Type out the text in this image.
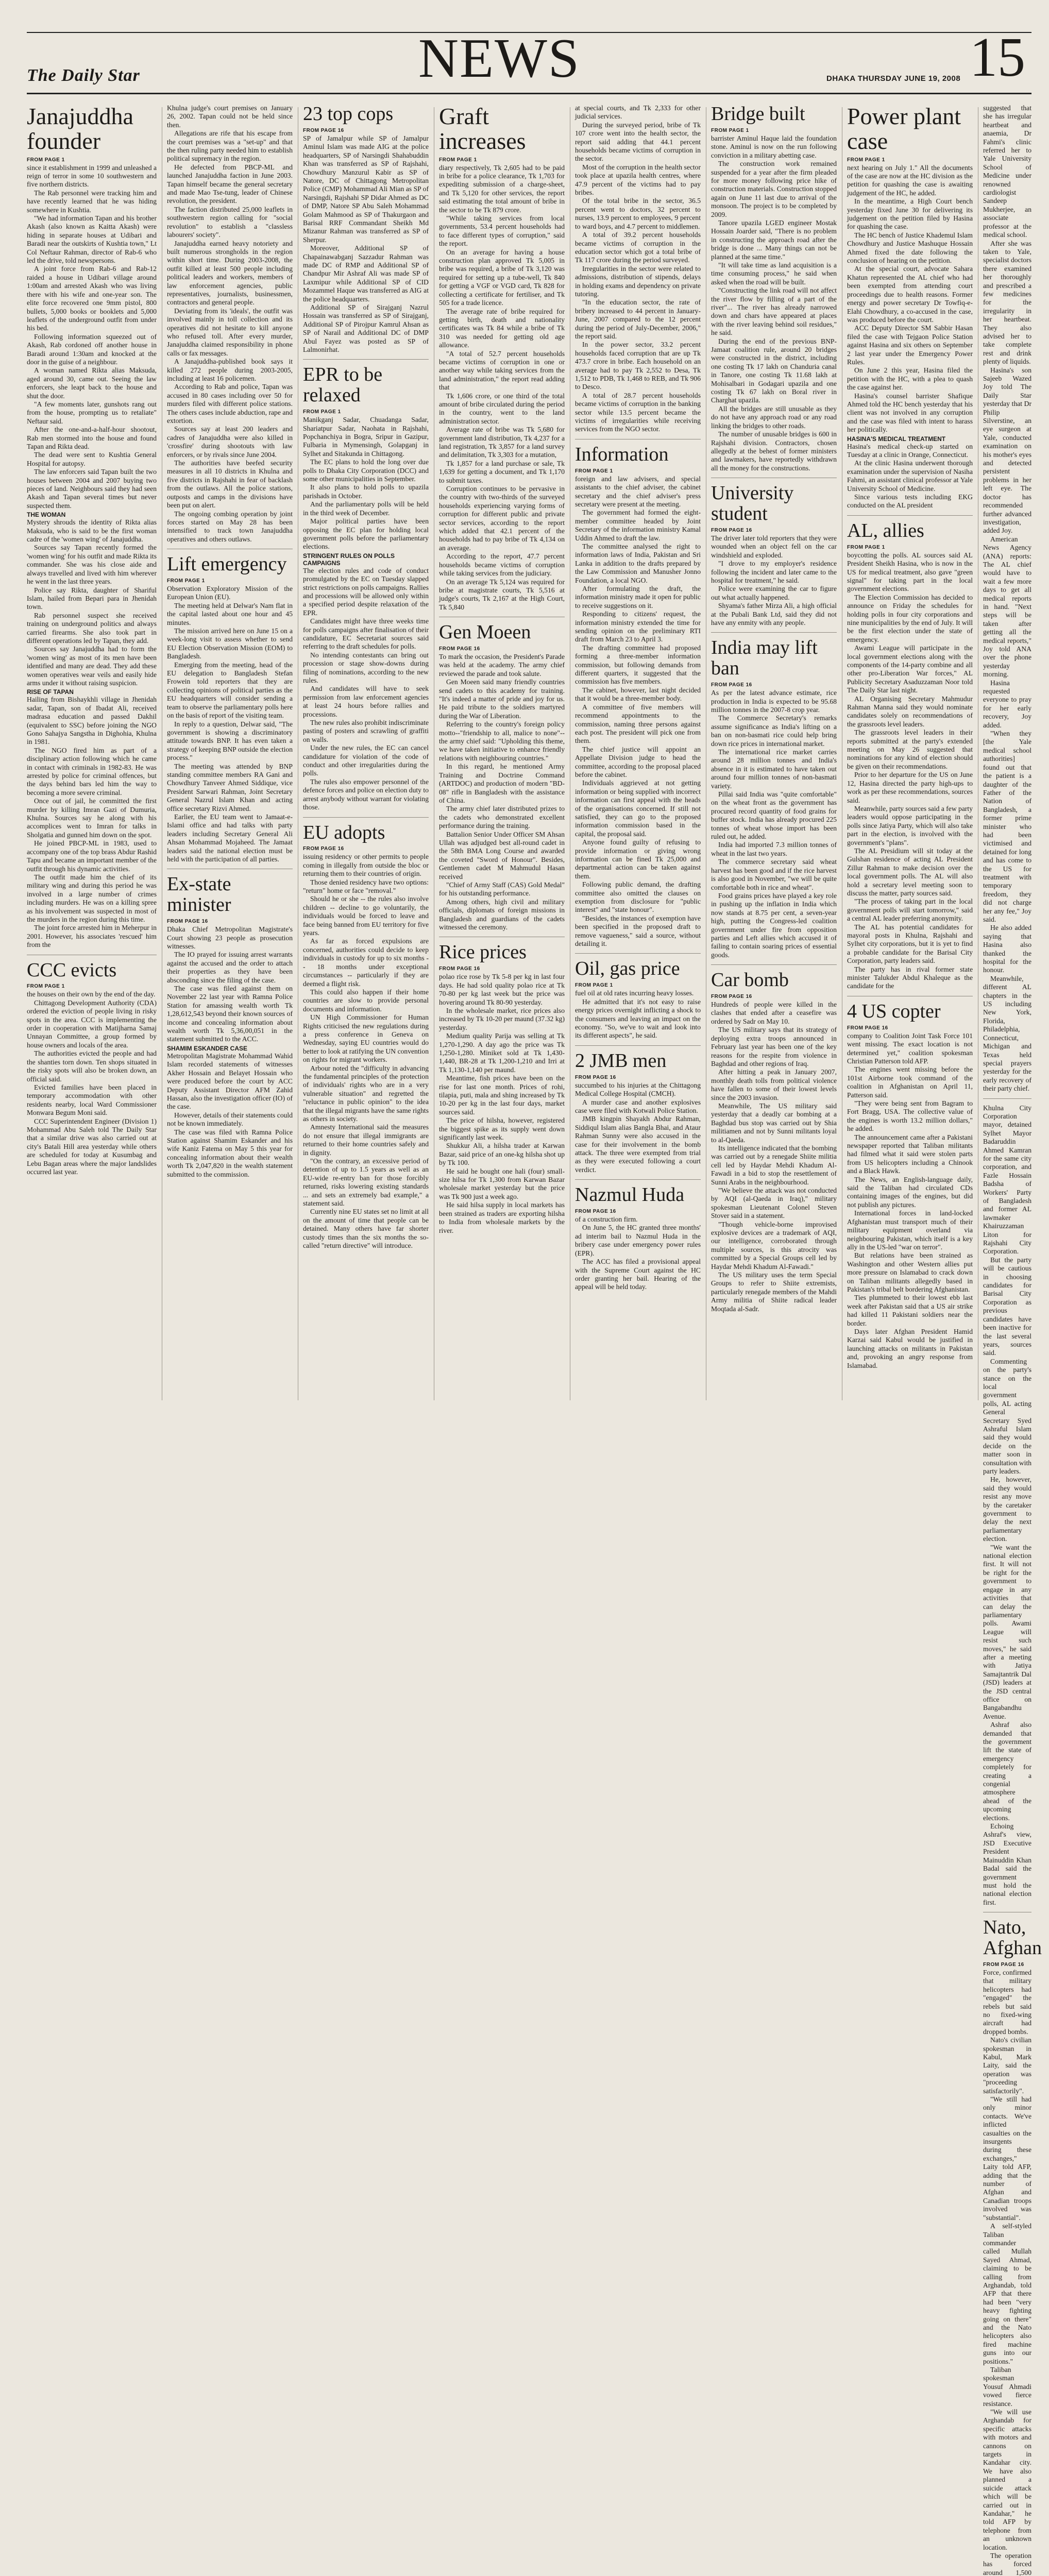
The Daily Star	NEWS	DHAKA THURSDAY JUNE 19, 2008 15
Janajuddha founder
FROM PAGE 1

since it establishment in 1999 and unleashed a reign of terror in some 10 southwestern and five northern districts.

The Rab personnel were tracking him and have recently learned that he was hiding somewhere in Kushtia.

"We had information Tapan and his brother Akash (also known as Kaitta Akash) were hiding in separate houses at Udibari and Baradi near the outskirts of Kushtia town," Lt Col Neftaur Rahman, director of Rab-6 who led the drive, told newspersons.

A joint force from Rab-6 and Rab-12 raided a house in Udibari village around 1:00am and arrested Akash who was living there with his wife and one-year son. The elite force recovered one 9mm pistol, 800 bullets, 5,000 books or booklets and 5,000 leaflets of the underground outfit from under his bed.

Following information squeezed out of Akash, Rab cordoned off another house in Baradi around 1:30am and knocked at the door in the guise of a neighbour.

A woman named Rikta alias Maksuda, aged around 30, came out. Seeing the law enforcers, she leapt back to the house and shut the door.

"A few moments later, gunshots rang out from the house, prompting us to retaliate" Neftaur said.

After the one-and-a-half-hour shootout, Rab men stormed into the house and found Tapan and Rikta dead.

The dead were sent to Kushtia General Hospital for autopsy.

The law enforcers said Tapan built the two houses between 2004 and 2007 buying two pieces of land. Neighbours said they had seen Akash and Tapan several times but never suspected them.

THE WOMAN

Mystery shrouds the identity of Rikta alias Maksuda, who is said to be the first woman cadre of the 'women wing' of Janajuddha.

Sources say Tapan recently formed the 'women wing' for his outfit and made Rikta its commander. She was his close aide and always travelled and lived with him wherever he went in the last three years.

Police say Rikta, daughter of Shariful Islam, hailed from Bepari para in Jhenidah town.

Rab personnel suspect she received training on underground politics and always carried firearms. She also took part in different operations led by Tapan, they add.

Sources say Janajuddha had to form the 'women wing' as most of its men have been identified and many are dead. They add these women operatives wear veils and easily hide arms under it without raising suspicion.

RISE OF TAPAN

Hailing from Bishaykhli village in Jhenidah sadar, Tapan, son of Ibadat Ali, received madrasa education and passed Dakhil (equivalent to SSC) before joining the NGO Gono Sahajya Sangstha in Dighohia, Khulna in 1981.

The NGO fired him as part of a disciplinary action following which he came in contact with criminals in 1982-83. He was arrested by police for criminal offences, but the days behind bars led him the way to becoming a more severe criminal.

Once out of jail, he committed the first murder by killing Imran Gazi of Dumuria, Khulna. Sources say he along with his accomplices went to Imran for talks in Sholgatia and gunned him down on the spot.

He joined PBCP-ML in 1983, used to accompany one of the top brass Abdur Rashid Tapu and became an important member of the outfit through his dynamic activities.

The outfit made him the chief of its military wing and during this period he was involved in a large number of crimes including murders. He was on a killing spree as his involvement was suspected in most of the murders in the region during this time.

The joint force arrested him in Meherpur in 2001. However, his associates 'rescued' him from the

CCC evicts
FROM PAGE 1

the houses on their own by the end of the day.

Chittagong Development Authority (CDA) ordered the eviction of people living in risky spots in the area. CCC is implementing the order in cooperation with Matijharna Samaj Unnayan Committee, a group formed by house owners and locals of the area.

The authorities evicted the people and had the shanties torn down. Ten shops situated in the risky spots will also be broken down, an official said.

Evicted families have been placed in temporary accommodation with other residents nearby, local Ward Commissioner Monwara Begum Moni said.

CCC Superintendent Engineer (Division 1) Mohammad Abu Saleh told The Daily Star that a similar drive was also carried out at city's Batali Hill area yesterday while others are scheduled for today at Kusumbag and Lebu Bagan areas where the major landslides occurred last year.

Khulna judge's court premises on January 26, 2002. Tapan could not be held since then.

Allegations are rife that his escape from the court premises was a "set-up" and that the then ruling party needed him to establish political supremacy in the region.

He defected from PBCP-ML and launched Janajuddha faction in June 2003. Tapan himself became the general secretary and made Mao Tse-tung, leader of Chinese revolution, the president.

The faction distributed 25,000 leaflets in southwestern region calling for "social revolution" to establish a "classless labourers' society".

Janajuddha earned heavy notoriety and built numerous strongholds in the region within short time. During 2003-2008, the outfit killed at least 500 people including political leaders and workers, members of law enforcement agencies, public representatives, journalists, businessmen, contractors and general people.

Deviating from its 'ideals', the outfit was involved mainly in toll collection and its operatives did not hesitate to kill anyone who refused toll. After every murder, Janajuddha claimed responsibility in phone calls or fax messages.

A Janajuddha-published book says it killed 272 people during 2003-2005, including at least 16 policemen.

According to Rab and police, Tapan was accused in 80 cases including over 50 for murders filed with different police stations. The others cases include abduction, rape and extortion.

Sources say at least 200 leaders and cadres of Janajuddha were also killed in 'crossfire' during shootouts with law enforcers, or by rivals since June 2004.

The authorities have beefed security measures in all 10 districts in Khulna and five districts in Rajshahi in fear of backlash from the outlaws. All the police stations, outposts and camps in the divisions have been put on alert.

The ongoing combing operation by joint forces started on May 28 has been intensified to track town Janajuddha operatives and others outlaws.

Lift emergency
FROM PAGE 1

Observation Exploratory Mission of the European Union (EU).

The meeting held at Delwar's Nam flat in the capital lasted about one hour and 45 minutes.

The mission arrived here on June 15 on a week-long visit to assess whether to send EU Election Observation Mission (EOM) to Bangladesh.

Emerging from the meeting, head of the EU delegation to Bangladesh Stefan Frowein told reporters that they are collecting opinions of political parties as the EU headquarters will consider sending a team to observe the parliamentary polls here on the basis of report of the visiting team.

In reply to a question, Delwar said, "The government is showing a discriminatory attitude towards BNP. It has even taken a strategy of keeping BNP outside the election process."

The meeting was attended by BNP standing committee members RA Gani and Chowdhury Tanveer Ahmed Siddique, vice President Sarwari Rahman, Joint Secretary General Nazrul Islam Khan and acting office secretary Rizvi Ahmed.

Earlier, the EU team went to Jamaat-e-Islami office and had talks with party leaders including Secretary General Ali Ahsan Mohammad Mojaheed. The Jamaat leaders said the national election must be held with the participation of all parties.

Ex-state minister
FROM PAGE 16

Dhaka Chief Metropolitan Magistrate's Court showing 23 people as prosecution witnesses.

The IO prayed for issuing arrest warrants against the accused and the order to attach their properties as they have been absconding since the filing of the case.

The case was filed against them on November 22 last year with Ramna Police Station for amassing wealth worth Tk 1,28,612,543 beyond their known sources of income and concealing information about wealth worth Tk 5,36,00,051 in the statement submitted to the ACC.

SHAMIM ESKANDER CASE

Metropolitan Magistrate Mohammad Wahid Islam recorded statements of witnesses Akher Hossain and Belayet Hossain who were produced before the court by ACC Deputy Assistant Director AFM Zahid Hassan, also the investigation officer (IO) of the case.

However, details of their statements could not be known immediately.

The case was filed with Ramna Police Station against Shamim Eskander and his wife Kaniz Fatema on May 5 this year for concealing information about their wealth worth Tk 2,047,820 in the wealth statement submitted to the commission.

23 top cops
FROM PAGE 16

SP of Jamalpur while SP of Jamalpur Aminul Islam was made AIG at the police headquarters, SP of Narsingdi Shahabuddin Khan was transferred as SP of Rajshahi, Chowdhury Manzurul Kabir as SP of Natore, DC of Chittagong Metropolitan Police (CMP) Mohammad Ali Mian as SP of Narsingdi, Rajshahi SP Didar Ahmed as DC of DMP, Natore SP Abu Saleh Mohammad Golam Mahmood as SP of Thakurgaon and Barisal RRF Commandant Sheikh Md Mizanur Rahman was transferred as SP of Sherpur.

Moreover, Additional SP of Chapainawabganj Sazzadur Rahman was made DC of RMP and Additional SP of Chandpur Mir Ashraf Ali was made SP of Laxmipur while Additional SP of CID Mozammel Haque was transferred as AIG at the police headquarters.

Additional SP of Sirajganj Nazrul Hossain was transferred as SP of Sirajganj, Additional SP of Pirojpur Kamrul Ahsan as SP of Narail and Additional DC of DMP Abul Fayez was posted as SP of Lalmonirhat.

EPR to be relaxed
FROM PAGE 1

Manikganj Sadar, Chuadanga Sadar, Shariatpur Sadar, Naohata in Rajshahi, Popchanchiya in Bogra, Sripur in Gazipur, Fulbaria in Mymensingh, Golapganj in Sylhet and Sitakunda in Chittagong.

The EC plans to hold the long over due polls to Dhaka City Corporation (DCC) and some other municipalities in September.

It also plans to hold polls to upazila parishads in October.

And the parliamentary polls will be held in the third week of December.

Major political parties have been opposing the EC plan for holding local government polls before the parliamentary elections.

STRINGENT RULES ON POLLS CAMPAIGNS

The election rules and code of conduct promulgated by the EC on Tuesday slapped strict restrictions on polls campaigns. Rallies and processions will be allowed only within a specified period despite relaxation of the EPR.

Candidates might have three weeks time for polls campaigns after finalisation of their candidature, EC Secretariat sources said referring to the draft schedules for polls.

No intending contestants can bring out procession or stage show-downs during filing of nominations, according to the new rules.

And candidates will have to seek permission from law enforcement agencies at least 24 hours before rallies and processions.

The new rules also prohibit indiscriminate pasting of posters and scrawling of graffiti on walls.

Under the new rules, the EC can cancel candidature for violation of the code of conduct and other irregularities during the polls.

The rules also empower personnel of the defence forces and police on election duty to arrest anybody without warrant for violating those.

EU adopts
FROM PAGE 16

issuing residency or other permits to people coming in illegally from outside the bloc or returning them to their countries of origin.

Those denied residency have two options: "return" home or face "removal."

Should he or she -- the rules also involve children -- decline to go voluntarily, the individuals would be forced to leave and face being banned from EU territory for five years.

As far as forced expulsions are concerned, authorities could decide to keep individuals in custody for up to six months -- 18 months under exceptional circumstances -- particularly if they are deemed a flight risk.

This could also happen if their home countries are slow to provide personal documents and information.

UN High Commissioner for Human Rights criticised the new regulations during a press conference in Geneva on Wednesday, saying EU countries would do better to look at ratifying the UN convention on rights for migrant workers.

Arbour noted the "difficulty in advancing the fundamental principles of the protection of individuals' rights who are in a very vulnerable situation" and regretted the "reluctance in public opinion" to the idea that the illegal migrants have the same rights as others in society.

Amnesty International said the measures do not ensure that illegal immigrants are returned to their home countries safely and in dignity.

"On the contrary, an excessive period of detention of up to 1.5 years as well as an EU-wide re-entry ban for those forcibly returned, risks lowering existing standards ... and sets an extremely bad example," a statement said.

Currently nine EU states set no limit at all on the amount of time that people can be detained. Many others have far shorter custody times than the six months the so-called "return directive" will introduce.

Graft increases
FROM PAGE 1

diary respectively, Tk 2,605 had to be paid in bribe for a police clearance, Tk 1,703 for expediting submission of a charge-sheet, and Tk 5,120 for other services, the report said estimating the total amount of bribe in the sector to be Tk 879 crore.

"While taking services from local governments, 53.4 percent households had to face different types of corruption," said the report.

On an average for having a house construction plan approved Tk 5,005 in bribe was required, a bribe of Tk 3,120 was required for setting up a tube-well, Tk 840 for getting a VGF or VGD card, Tk 828 for collecting a certificate for fertiliser, and Tk 505 for a trade licence.

The average rate of bribe required for getting birth, death and nationality certificates was Tk 84 while a bribe of Tk 310 was needed for getting old age allowance.

"A total of 52.7 percent households became victims of corruption in one or another way while taking services from the land administration," the report read adding that

Tk 1,606 crore, or one third of the total amount of bribe circulated during the period in the country, went to the land administration sector.

Average rate of bribe was Tk 5,680 for government land distribution, Tk 4,237 for a land registration, Tk 3,857 for a land survey and delimitation, Tk 3,303 for a mutation,

Tk 1,857 for a land purchase or sale, Tk 1,639 for getting a document, and Tk 1,170 to submit taxes.

Corruption continues to be pervasive in the country with two-thirds of the surveyed households experiencing varying forms of corruption for different public and private sector services, according to the report which added that 42.1 percent of the households had to pay bribe of Tk 4,134 on an average.

According to the report, 47.7 percent households became victims of corruption while taking services from the judiciary.

On an average Tk 5,124 was required for bribe at magistrate courts, Tk 5,516 at judge's courts, Tk 2,167 at the High Court, Tk 5,840

Gen Moeen
FROM PAGE 16

To mark the occasion, the President's Parade was held at the academy. The army chief reviewed the parade and took salute.

Gen Moeen said many friendly countries send cadets to this academy for training. "It's indeed a matter of pride and joy for us. He paid tribute to the soldiers martyred during the War of Liberation.

Referring to the country's foreign policy motto--"friendship to all, malice to none"--the army chief said: "Upholding this theme, we have taken initiative to enhance friendly relations with neighbouring countries."

In this regard, he mentioned Army Training and Doctrine Command (ARTDOC) and production of modern "BD-08" rifle in Bangladesh with the assistance of China.

The army chief later distributed prizes to the cadets who demonstrated excellent performance during the training.

Battalion Senior Under Officer SM Ahsan Ullah was adjudged best all-round cadet in the 58th BMA Long Course and awarded the coveted "Sword of Honour". Besides, Gentlemen cadet M Mahmudul Hasan received

"Chief of Army Staff (CAS) Gold Medal" for his outstanding performance.

Among others, high civil and military officials, diplomats of foreign missions in Bangladesh and guardians of the cadets witnessed the ceremony.

Rice prices
FROM PAGE 16

polao rice rose by Tk 5-8 per kg in last four days. He had sold quality polao rice at Tk 70-80 per kg last week but the price was hovering around Tk 80-90 yesterday.

In the wholesale market, rice prices also increased by Tk 10-20 per maund (37.32 kg) yesterday.

Medium quality Parija was selling at Tk 1,270-1,290. A day ago the price was Tk 1,250-1,280. Miniket sold at Tk 1,430-1,440, BR-28 at Tk 1,200-1,210 and Irri at Tk 1,130-1,140 per maund.

Meantime, fish prices have been on the rise for last one month. Prices of rohi, tilapia, puti, mala and shing increased by Tk 10-20 per kg in the last four days, market sources said.

The price of hilsha, however, registered the biggest spike as its supply went down significantly last week.

Shukkur Ali, a hilsha trader at Karwan Bazar, said price of an one-kg hilsha shot up by Tk 100.

He said he bought one hali (four) small-size hilsa for Tk 1,300 from Karwan Bazar wholesale market yesterday but the price was Tk 900 just a week ago.

He said hilsa supply in local markets has been strained as traders are exporting hilsha to India from wholesale markets by the river.

at special courts, and Tk 2,333 for other judicial services.

During the surveyed period, bribe of Tk 107 crore went into the health sector, the report said adding that 44.1 percent households became victims of corruption in the sector.

Most of the corruption in the health sector took place at upazila health centres, where 47.9 percent of the victims had to pay bribes.

Of the total bribe in the sector, 36.5 percent went to doctors, 32 percent to nurses, 13.9 percent to employees, 9 percent to ward boys, and 4.7 percent to middlemen.

A total of 39.2 percent households became victims of corruption in the education sector which got a total bribe of Tk 117 crore during the period surveyed.

Irregularities in the sector were related to admissions, distribution of stipends, delays in holding exams and dependency on private tutoring.

"In the education sector, the rate of bribery increased to 44 percent in January-June, 2007 compared to the 12 percent during the period of July-December, 2006," the report said.

In the power sector, 33.2 percent households faced corruption that are up Tk 473.7 crore in bribe. Each household on an average had to pay Tk 2,552 to Desa, Tk 1,512 to PDB, Tk 1,468 to REB, and Tk 906 to Desco.

A total of 28.7 percent households became victims of corruption in the banking sector while 13.5 percent became the victims of irregularities while receiving services from the NGO sector.

Information
FROM PAGE 1

foreign and law advisers, and special assistants to the chief adviser, the cabinet secretary and the chief adviser's press secretary were present at the meeting.

The government had formed the eight-member committee headed by Joint Secretary of the information ministry Kamal Uddin Ahmed to draft the law.

The committee analysed the right to information laws of India, Pakistan and Sri Lanka in addition to the drafts prepared by the Law Commission and Manusher Jonno Foundation, a local NGO.

After formulating the draft, the information ministry made it open for public to receive suggestions on it.

Responding to citizens' request, the information ministry extended the time for sending opinion on the preliminary RTI draft from March 23 to April 3.

The drafting committee had proposed forming a three-member information commission, but following demands from different quarters, it suggested that the commission has five members.

The cabinet, however, last night decided that it would be a three-member body.

A committee of five members will recommend appointments to the commission, naming three persons against each post. The president will pick one from them.

The chief justice will appoint an Appellate Division judge to head the committee, according to the proposal placed before the cabinet.

Individuals aggrieved at not getting information or being supplied with incorrect information can first appeal with the heads of the organisations concerned. If still not satisfied, they can go to the proposed information commission based in the capital, the proposal said.

Anyone found guilty of refusing to provide information or giving wrong information can be fined Tk 25,000 and departmental action can be taken against them.

Following public demand, the drafting committee also omitted the clauses on exemption from disclosure for "public interest" and "state honour".

"Besides, the instances of exemption have been specified in the proposed draft to remove vagueness," said a source, without detailing it.

Oil, gas price
FROM PAGE 1

fuel oil at old rates incurring heavy losses.

He admitted that it's not easy to raise energy prices overnight inflicting a shock to the consumers and leaving an impact on the economy. "So, we've to wait and look into its different aspects", he said.

2 JMB men
FROM PAGE 16

succumbed to his injuries at the Chittagong Medical College Hospital (CMCH).

A murder case and another explosives case were filed with Kotwali Police Station.

JMB kingpin Shayakh Abdur Rahman, Siddiqul Islam alias Bangla Bhai, and Ataur Rahman Sunny were also accused in the case for their involvement in the bomb attack. The three were exempted from trial as they were executed following a court verdict.

Nazmul Huda
FROM PAGE 16

of a construction firm.

On June 5, the HC granted three months' ad interim bail to Nazmul Huda in the bribery case under emergency power rules (EPR).

The ACC has filed a provisional appeal with the Supreme Court against the HC order granting her bail. Hearing of the appeal will be held today.

Bridge built
FROM PAGE 1

barrister Aminul Haque laid the foundation stone. Aminul is now on the run following conviction in a military abetting case.

The construction work remained suspended for a year after the firm pleaded for more money following price hike of construction materials. Construction stopped again on June 11 last due to arrival of the monsoon. The project is to be completed by 2009.

Tanore upazila LGED engineer Mostak Hossain Joarder said, "There is no problem in constructing the approach road after the bridge is done ... Many things can not be planned at the same time."

"It will take time as land acquisition is a time consuming process," he said when asked when the road will be built.

"Constructing the link road will not affect the river flow by filling of a part of the river"... The river has already narrowed down and chars have appeared at places with the river leaving behind soil residues," he said.

During the end of the previous BNP-Jamaat coalition rule, around 20 bridges were constructed in the district, including one costing Tk 17 lakh on Chanduria canal in Tanore, one costing Tk 11.68 lakh at Mohisalbari in Godagari upazila and one costing Tk 67 lakh on Boral river in Charghat upazila.

All the bridges are still unusable as they do not have any approach road or any road linking the bridges to other roads.

The number of unusable bridges is 600 in Rajshahi division. Contractors, chosen allegedly at the behest of former ministers and lawmakers, have reportedly withdrawn all the money for the constructions.

University student
FROM PAGE 16

The driver later told reporters that they were wounded when an object fell on the car windshield and exploded.

"I drove to my employer's residence following the incident and later came to the hospital for treatment," he said.

Police were examining the car to figure out what actually happened.

Shyama's father Mirza Ali, a high official at the Pubali Bank Ltd, said they did not have any enmity with any people.

India may lift ban
FROM PAGE 16

As per the latest advance estimate, rice production in India is expected to be 95.68 million tonnes in the 2007-8 crop year.

The Commerce Secretary's remarks assume significance as India's lifting on a ban on non-basmati rice could help bring down rice prices in international market.

The international rice market carries around 28 million tonnes and India's absence in it is estimated to have taken out around four million tonnes of non-basmati variety.

Pillai said India was "quite comfortable" on the wheat front as the government has procured record quantity of food grains for buffer stock. India has already procured 225 tonnes of wheat whose import has been ruled out, he added.

India had imported 7.3 million tonnes of wheat in the last two years.

The commerce secretary said wheat harvest has been good and if the rice harvest is also good in November, "we will be quite comfortable both in rice and wheat".

Food grains prices have played a key role in pushing up the inflation in India which now stands at 8.75 per cent, a seven-year high, putting the Congress-led coalition government under fire from opposition parties and Left allies which accused it of failing to contain soaring prices of essential goods.

Car bomb
FROM PAGE 16

Hundreds of people were killed in the clashes that ended after a ceasefire was ordered by Sadr on May 10.

The US military says that its strategy of deploying extra troops announced in February last year has been one of the key reasons for the respite from violence in Baghdad and other regions of Iraq.

After hitting a peak in January 2007, monthly death tolls from political violence have fallen to some of their lowest levels since the 2003 invasion.

Meanwhile, The US military said yesterday that a deadly car bombing at a Baghdad bus stop was carried out by Shia militiamen and not by Sunni militants loyal to al-Qaeda.

Its intelligence indicated that the bombing was carried out by a renegade Shiite militia cell led by Haydar Mehdi Khadum Al-Fawadi in a bid to stop the resettlement of Sunni Arabs in the neighbourhood.

"We believe the attack was not conducted by AQI (al-Qaeda in Iraq)," military spokesman Lieutenant Colonel Steven Stover said in a statement.

"Though vehicle-borne improvised explosive devices are a trademark of AQI, our intelligence, corroborated through multiple sources, is this atrocity was committed by a Special Groups cell led by Haydar Mehdi Khadum Al-Fawadi."

The US military uses the term Special Groups to refer to Shiite extremists, particularly renegade members of the Mahdi Army militia of Shiite radical leader Moqtada al-Sadr.

Power plant case
FROM PAGE 1

next hearing on July 1." All the documents of the case are now at the HC division as the petition for quashing the case is awaiting judgement of the HC, he added.

In the meantime, a High Court bench yesterday fixed June 30 for delivering its judgement on the petition filed by Hasina for quashing the case.

The HC bench of Justice Khademul Islam Chowdhury and Justice Mashuque Hossain Ahmed fixed the date following the conclusion of hearing on the petition.

At the special court, advocate Sahara Khatun represented the AL chief who had been exempted from attending court proceedings due to health reasons. Former energy and power secretary Dr Towfiq-e-Elahi Chowdhury, a co-accused in the case, was produced before the court.

ACC Deputy Director SM Sabbir Hasan filed the case with Tejgaon Police Station against Hasina and six others on September 2 last year under the Emergency Power Rules.

On June 2 this year, Hasina filed the petition with the HC, with a plea to quash the case against her.

Hasina's counsel barrister Shafique Ahmed told the HC bench yesterday that his client was not involved in any corruption and the case was filed with intent to harass her politically.

HASINA'S MEDICAL TREATMENT

Hasina's medical check-up started on Tuesday at a clinic in Orange, Connecticut.

At the clinic Hasina underwent thorough examination under the supervision of Nasiha Fahmi, an assistant clinical professor at Yale University School of Medicine.

Since various tests including EKG conducted on the AL president

AL, allies
FROM PAGE 1

boycotting the polls. AL sources said AL President Sheikh Hasina, who is now in the US for medical treatment, also gave "green signal" for taking part in the local government elections.

The Election Commission has decided to announce on Friday the schedules for holding polls in four city corporations and nine municipalities by the end of July. It will be the first election under the state of emergency.

Awami League will participate in the local government elections along with the components of the 14-party combine and all other pro-Liberation War forces," AL Publicity Secretary Asaduzzaman Noor told The Daily Star last night.

AL Organising Secretary Mahmudur Rahman Manna said they would nominate candidates solely on recommendations of the grassroots level leaders.

The grassroots level leaders in their reports submitted at the party's extended meeting on May 26 suggested that nominations for any kind of election should be given on their recommendations.

Prior to her departure for the US on June 12, Hasina directed the party high-ups to work as per these recommendations, sources said.

Meanwhile, party sources said a few party leaders would oppose participating in the polls since Jatiya Party, which will also take part in the election, is involved with the government's "plans".

The AL Presidium will sit today at the Gulshan residence of acting AL President Zillur Rahman to make decision over the local government polls. The AL will also hold a secretary level meeting soon to discuss the matter, party sources said.

"The process of taking part in the local government polls will start tomorrow," said a central AL leader preferring anonymity.

The AL has potential candidates for mayoral posts in Khulna, Rajshahi and Sylhet city corporations, but it is yet to find a probable candidate for the Barisal City Corporation, party leaders said.

The party has in rival former state minister Talukder Abdul Khaleque as the candidate for the

4 US copter
FROM PAGE 16

company to Coalition Joint Task Force 101 went missing. The exact location is not determined yet," coalition spokesman Christian Patterson told AFP.

The engines went missing before the 101st Airborne took command of the coalition in Afghanistan on April 11, Patterson said.

"They were being sent from Bagram to Fort Bragg, USA. The collective value of the engines is worth 13.2 million dollars," he added.

The announcement came after a Pakistani newspaper reported that Taliban militants had filmed what it said were stolen parts from US helicopters including a Chinook and a Black Hawk.

The News, an English-language daily, said the Taliban had circulated CDs containing images of the engines, but did not publish any pictures.

International forces in land-locked Afghanistan must transport much of their military equipment overland via neighbouring Pakistan, which itself is a key ally in the US-led "war on terror".

But relations have been strained as Washington and other Western allies put more pressure on Islamabad to crack down on Taliban militants allegedly based in Pakistan's tribal belt bordering Afghanistan.

Ties plummeted to their lowest ebb last week after Pakistan said that a US air strike had killed 11 Pakistani soldiers near the border.

Days later Afghan President Hamid Karzai said Kabul would be justified in launching attacks on militants in Pakistan and, provoking an angry response from Islamabad.

suggested that she has irregular heartbeat and anaemia, Dr Fahmi's clinic referred her to Yale University School of Medicine under renowned cardiologist Sandeep Mukherjee, an associate professor at the medical school.

After she was taken to Yale, specialist doctors there examined her thoroughly and prescribed a few medicines for the irregularity in her heartbeat. They also advised her to take complete rest and drink plenty of liquids.

Hasina's son Sajeeb Wazed Joy told The Daily Star yesterday that Dr Philip Silverstine, an eye surgeon at Yale, conducted examination on his mother's eyes and detected persistent problems in her left eye. The doctor has recommended further advanced investigation, added Joy.

American News Agency (ANA) reports: The AL chief would have to wait a few more days to get all medical reports in hand. "Next steps will be taken after getting all the medical reports," Joy told ANA over the phone yesterday morning.

Hasina requested everyone to pray for her early recovery, Joy added.

"When they [the Yale medical school authorities] found out that the patient is a daughter of the Father of the Nation of Bangladesh, a former prime minister who had been victimised and detained for long and has come to the US for treatment with temporary freedom, they did not charge her any fee," Joy said.

He also added saying that Hasina also thanked the hospital for the honour.

Meanwhile, different AL chapters in the US including New York, Florida, Philadelphia, Connecticut, Michigan and Texas held special prayers yesterday for the early recovery of their party chief.

Khulna City Corporation mayor, detained Sylhet Mayor Badaruddin Ahmed Kamran for the same city corporation, and Fazle Hossain Badsha of Workers' Party of Bangladesh and former AL lawmaker Khairuzzaman Liton for Rajshahi City Corporation.

But the party will be cautious in choosing candidates for Barisal City Corporation as previous candidates have been inactive for the last several years, sources said.

Commenting on the party's stance on the local government polls, AL acting General Secretary Syed Ashraful Islam said they would decide on the matter soon in consultation with party leaders.

He, however, said they would resist any move by the caretaker government to delay the next parliamentary election.

"We want the national election first. It will not be right for the government to engage in any activities that can delay the parliamentary polls. Awami League will resist such moves," he said after a meeting with Jatiya Samajtantrik Dal (JSD) leaders at the JSD central office on Bangabandhu Avenue.

Ashraf also demanded that the government lift the state of emergency completely for creating a congenial atmosphere ahead of the upcoming elections.

Echoing Ashraf's view, JSD Executive President Mainuddin Khan Badal said the government must hold the national election first.

Nato, Afghan
FROM PAGE 16

Force, confirmed that military helicopters had "engaged" the rebels but said no fixed-wing aircraft had dropped bombs.

Nato's civilian spokesman in Kabul, Mark Laity, said the operation was "proceeding satisfactorily".

"We still had only minor contacts. We've inflicted casualties on the insurgents during these exchanges," Laity told AFP, adding that the number of Afghan and Canadian troops involved was "substantial".

A self-styled Taliban commander called Mullah Sayed Ahmad, claiming to be calling from Arghandab, told AFP that there had been "very heavy fighting going on there" and the Nato helicopters also fired machine guns into our positions."

Taliban spokesman Yousuf Ahmadi vowed fierce resistance.

"We will use Arghandab for specific attacks with motors and cannons on targets in Kandahar city. We have also planned a suicide attack which will be carried out in Kandahar," he told AFP by telephone from an unknown location.

The operation has forced around 1,500
